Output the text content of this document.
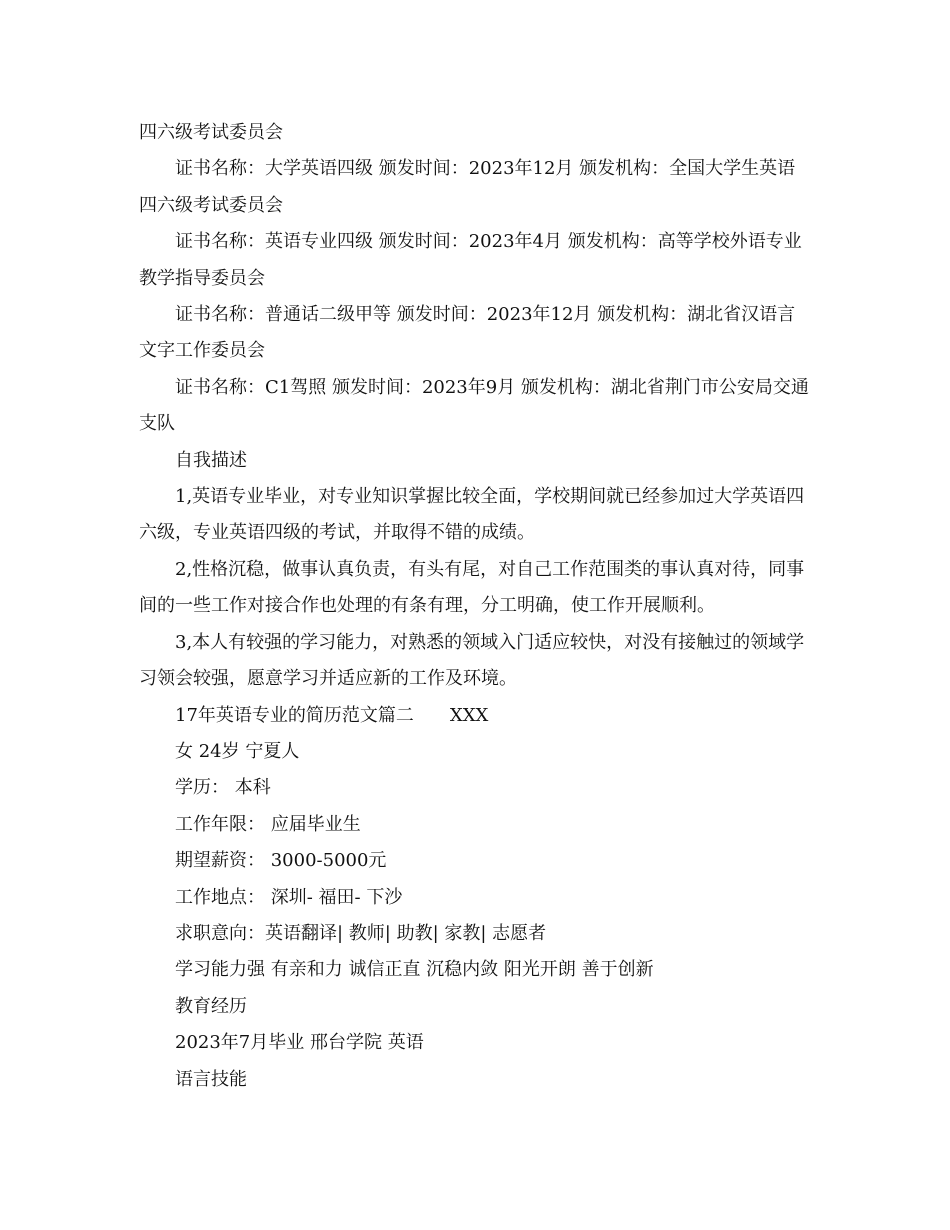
四六级考试委员会

证书名称：大学英语四级 颁发时间：2023年12月 颁发机构：全国大学生英语四六级考试委员会

证书名称：英语专业四级 颁发时间：2023年4月 颁发机构：高等学校外语专业教学指导委员会

证书名称：普通话二级甲等 颁发时间：2023年12月 颁发机构：湖北省汉语言文字工作委员会

证书名称：C1驾照 颁发时间：2023年9月 颁发机构：湖北省荆门市公安局交通支队

自我描述

1,英语专业毕业，对专业知识掌握比较全面，学校期间就已经参加过大学英语四六级，专业英语四级的考试，并取得不错的成绩。

2,性格沉稳，做事认真负责，有头有尾，对自己工作范围类的事认真对待，同事间的一些工作对接合作也处理的有条有理，分工明确，使工作开展顺利。

3,本人有较强的学习能力，对熟悉的领域入门适应较快，对没有接触过的领域学习领会较强，愿意学习并适应新的工作及环境。

17年英语专业的简历范文篇二 XXX

女 24岁 宁夏人

学历： 本科

工作年限： 应届毕业生

期望薪资： 3000-5000元

工作地点： 深圳- 福田- 下沙

求职意向：英语翻译| 教师| 助教| 家教| 志愿者

学习能力强 有亲和力 诚信正直 沉稳内敛 阳光开朗 善于创新

教育经历

2023年7月毕业 邢台学院 英语

语言技能
